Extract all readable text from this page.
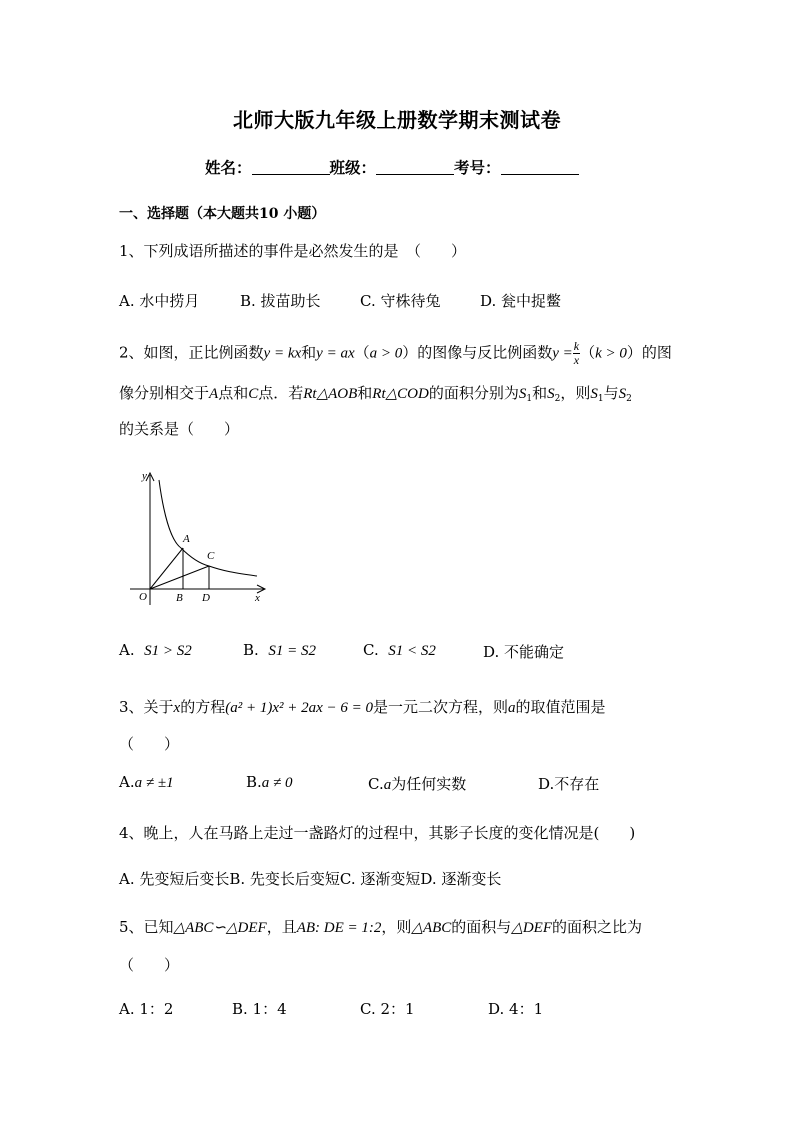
北师大版九年级上册数学期末测试卷
姓名：	班级：	考号：
一、选择题（本大题共10 小题）
1、下列成语所描述的事件是必然发生的是　（　　）
A. 水中捞月	B. 拔苗助长	C. 守株待兔	D. 瓮中捉鳖
2、如图，正比例函数y = kx和y = ax（a > 0）的图像与反比例函数$y = \frac{k}{x} (k > 0)$的图
像分别相交于A点和C点．若Rt△AOB和Rt△COD的面积分别为$S_1$和$S_2$，则$S_1$与$S_2$
的关系是（　　）
y
x
O
A
B
C
D
A. S1 > S2	B. S1 = S2	C. S1 < S2	D. 不能确定
3、关于x的方程(a² + 1)x² + 2ax − 6 = 0是一元二次方程，则a的取值范围是
（　　）
A.a ≠ ±1	B.a ≠ 0	C.a为任何实数	D.不存在
4、晚上，人在马路上走过一盏路灯的过程中，其影子长度的变化情况是(　　)
A. 先变短后变长B. 先变长后变短C. 逐渐变短D. 逐渐变长
5、已知△ABC∽△DEF，且AB: DE = 1:2，则△ABC的面积与△DEF的面积之比为
（　　）
A. 1：2	B. 1：4	C. 2：1	D. 4：1
